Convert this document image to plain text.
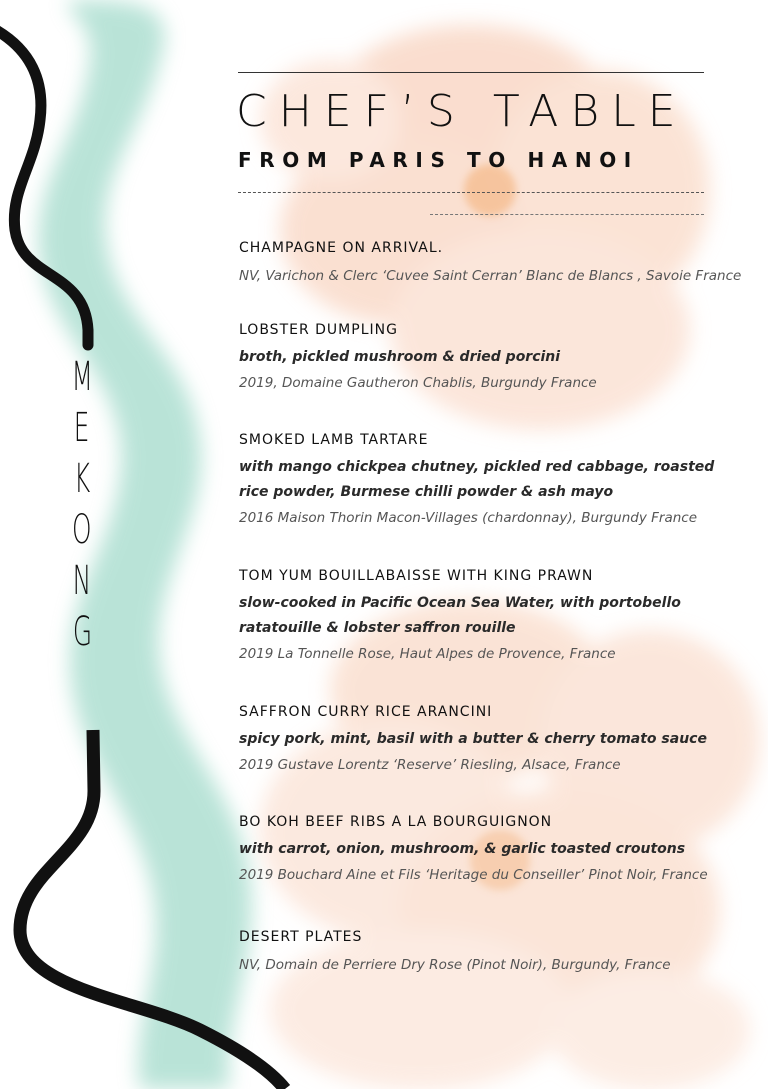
M
E
K
O
N
G
CHEF’S TABLE
FROM PARIS TO HANOI

CHAMPAGNE ON ARRIVAL.

NV, Varichon & Clerc ‘Cuvee Saint Cerran’ Blanc de Blancs , Savoie France

LOBSTER DUMPLING

broth, pickled mushroom & dried porcini

2019, Domaine Gautheron Chablis, Burgundy France

SMOKED LAMB TARTARE

with mango chickpea chutney, pickled red cabbage, roasted

rice powder, Burmese chilli powder & ash mayo

2016 Maison Thorin Macon-Villages (chardonnay), Burgundy France

TOM YUM BOUILLABAISSE WITH KING PRAWN

slow-cooked in Pacific Ocean Sea Water, with portobello

ratatouille & lobster saffron rouille

2019 La Tonnelle Rose, Haut Alpes de Provence, France

SAFFRON CURRY RICE ARANCINI

spicy pork, mint, basil with a butter & cherry tomato sauce

2019 Gustave Lorentz ‘Reserve’ Riesling, Alsace, France

BO KOH BEEF RIBS A LA BOURGUIGNON

with carrot, onion, mushroom, & garlic toasted croutons

2019 Bouchard Aine et Fils ‘Heritage du Conseiller’ Pinot Noir, France

DESERT PLATES

NV, Domain de Perriere Dry Rose (Pinot Noir), Burgundy, France
